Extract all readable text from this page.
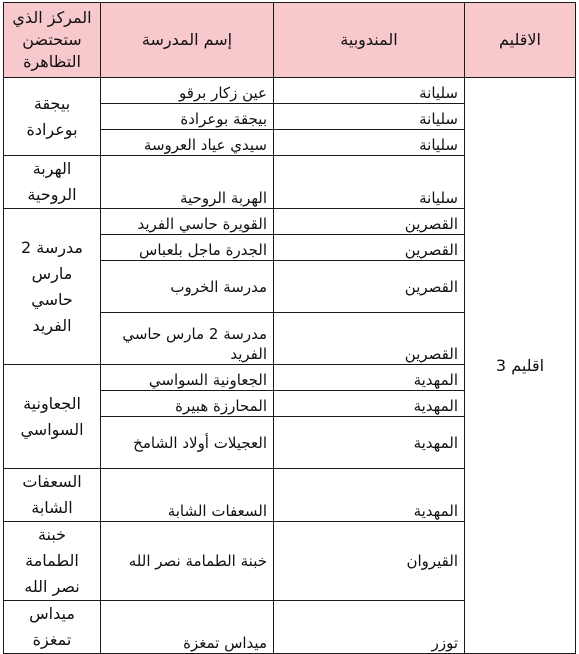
الاقليم	المندوبية	إسم المدرسة	المركز الذي ستحتضن التظاهرة
اقليم 3	سليانة	عين زكار برقو	بيجقة بوعرادة
	سليانة	بيجقة بوعرادة	
	سليانة	سيدي عياد العروسة	
	سليانة	الهربة الروحية	الهربة الروحية
	القصرين	القويرة حاسي الفريد	مدرسة 2 مارس حاسي الفريد
	القصرين	الجدرة ماجل بلعباس	
	القصرين	مدرسة الخروب	
	القصرين	مدرسة 2 مارس حاسي الفريد	
	المهدية	الجعاونية السواسي	الجعاونية السواسي
	المهدية	المحارزة هبيرة	
	المهدية	العجيلات أولاد الشامخ	
	المهدية	السعفات الشابة	السعفات الشابة
	القيروان	خبنة الطمامة نصر الله	خبنة الطمامة نصر الله
	توزر	ميداس تمغزة	ميداس تمغزة
